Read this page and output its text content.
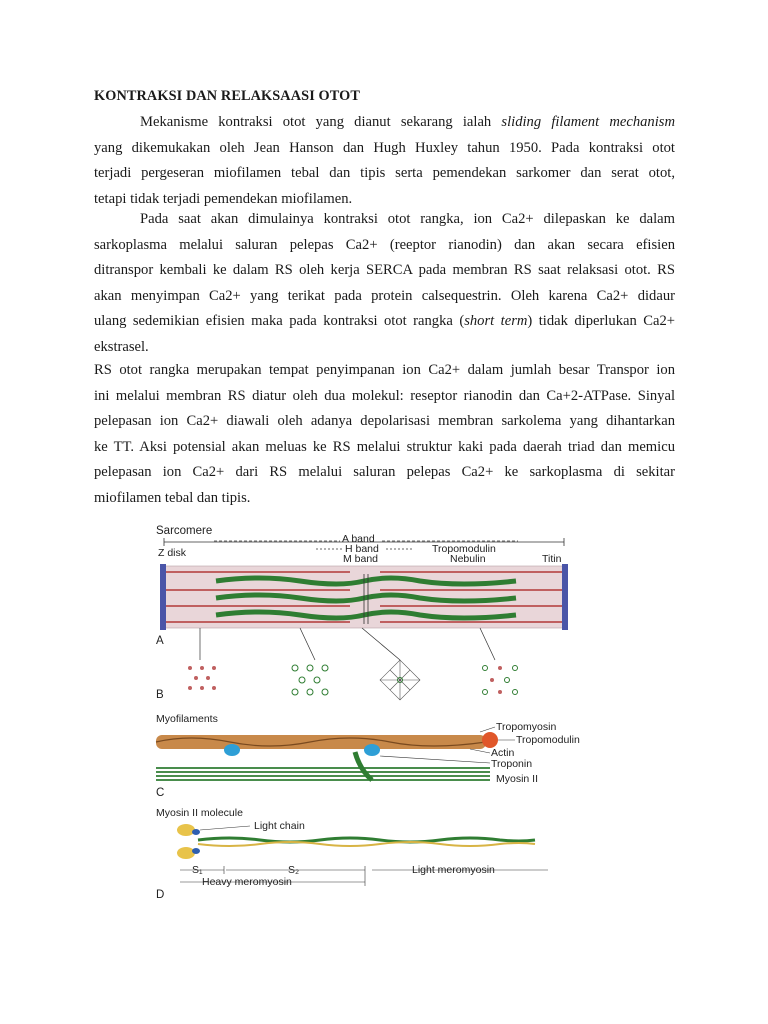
KONTRAKSI DAN RELAKSAASI OTOT
Mekanisme kontraksi otot yang dianut sekarang ialah sliding filament mechanism
yang dikemukakan oleh Jean Hanson dan Hugh Huxley tahun 1950. Pada kontraksi otot
terjadi pergeseran miofilamen tebal dan tipis serta pemendekan sarkomer dan serat otot,
tetapi tidak terjadi pemendekan miofilamen.
Pada saat akan dimulainya kontraksi otot rangka, ion Ca2+ dilepaskan ke dalam
sarkoplasma melalui saluran pelepas Ca2+ (reeptor rianodin) dan akan secara efisien
ditranspor kembali ke dalam RS oleh kerja SERCA pada membran RS saat relaksasi otot. RS
akan menyimpan Ca2+ yang terikat pada protein calsequestrin. Oleh karena Ca2+ didaur
ulang sedemikian efisien maka pada kontraksi otot rangka (short term) tidak diperlukan Ca2+
ekstrasel.
RS otot rangka merupakan tempat penyimpanan ion Ca2+ dalam jumlah besar Transpor ion
ini melalui membran RS diatur oleh dua molekul: reseptor rianodin dan Ca+2-ATPase. Sinyal
pelepasan ion Ca2+ diawali oleh adanya depolarisasi membran sarkolema yang dihantarkan
ke TT. Aksi potensial akan meluas ke RS melalui struktur kaki pada daerah triad dan memicu
pelepasan ion Ca2+ dari RS melalui saluran pelepas Ca2+ ke sarkoplasma di sekitar
miofilamen tebal dan tipis.
Sarcomere
A band
H band
M band
Z disk	Tropomodulin
Nebulin	Titin
A
B
Myofilaments
Tropomyosin
Tropomodulin
Actin
Troponin
Myosin II
C
Myosin II molecule
Light chain
S₁	S₂
Heavy meromyosin
Light meromyosin
D
